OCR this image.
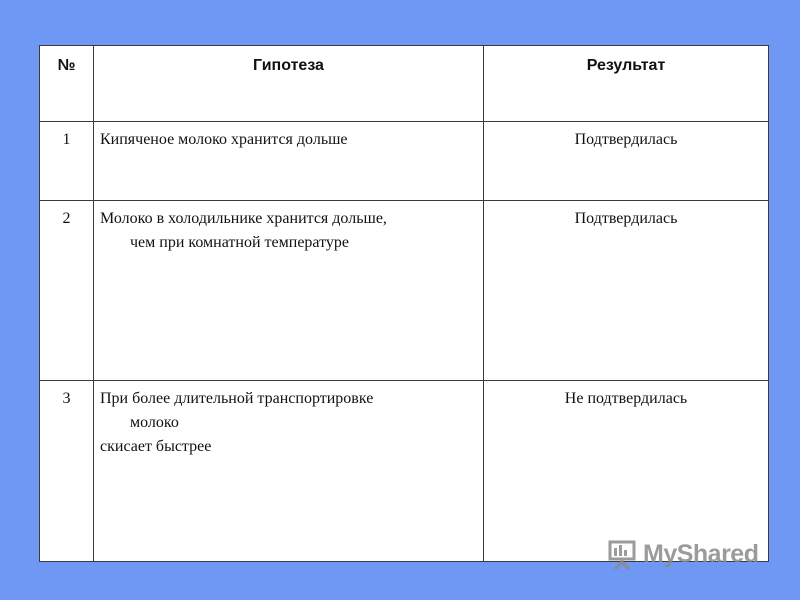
№	Гипотеза	Результат
1	Кипяченое молоко хранится дольше	Подтвердилась
2	Молоко в холодильнике хранится дольше,
чем при комнатной температуре	Подтвердилась
3	При более длительной транспортировке
молоко
скисает быстрее	Не подтвердилась
MyShared
